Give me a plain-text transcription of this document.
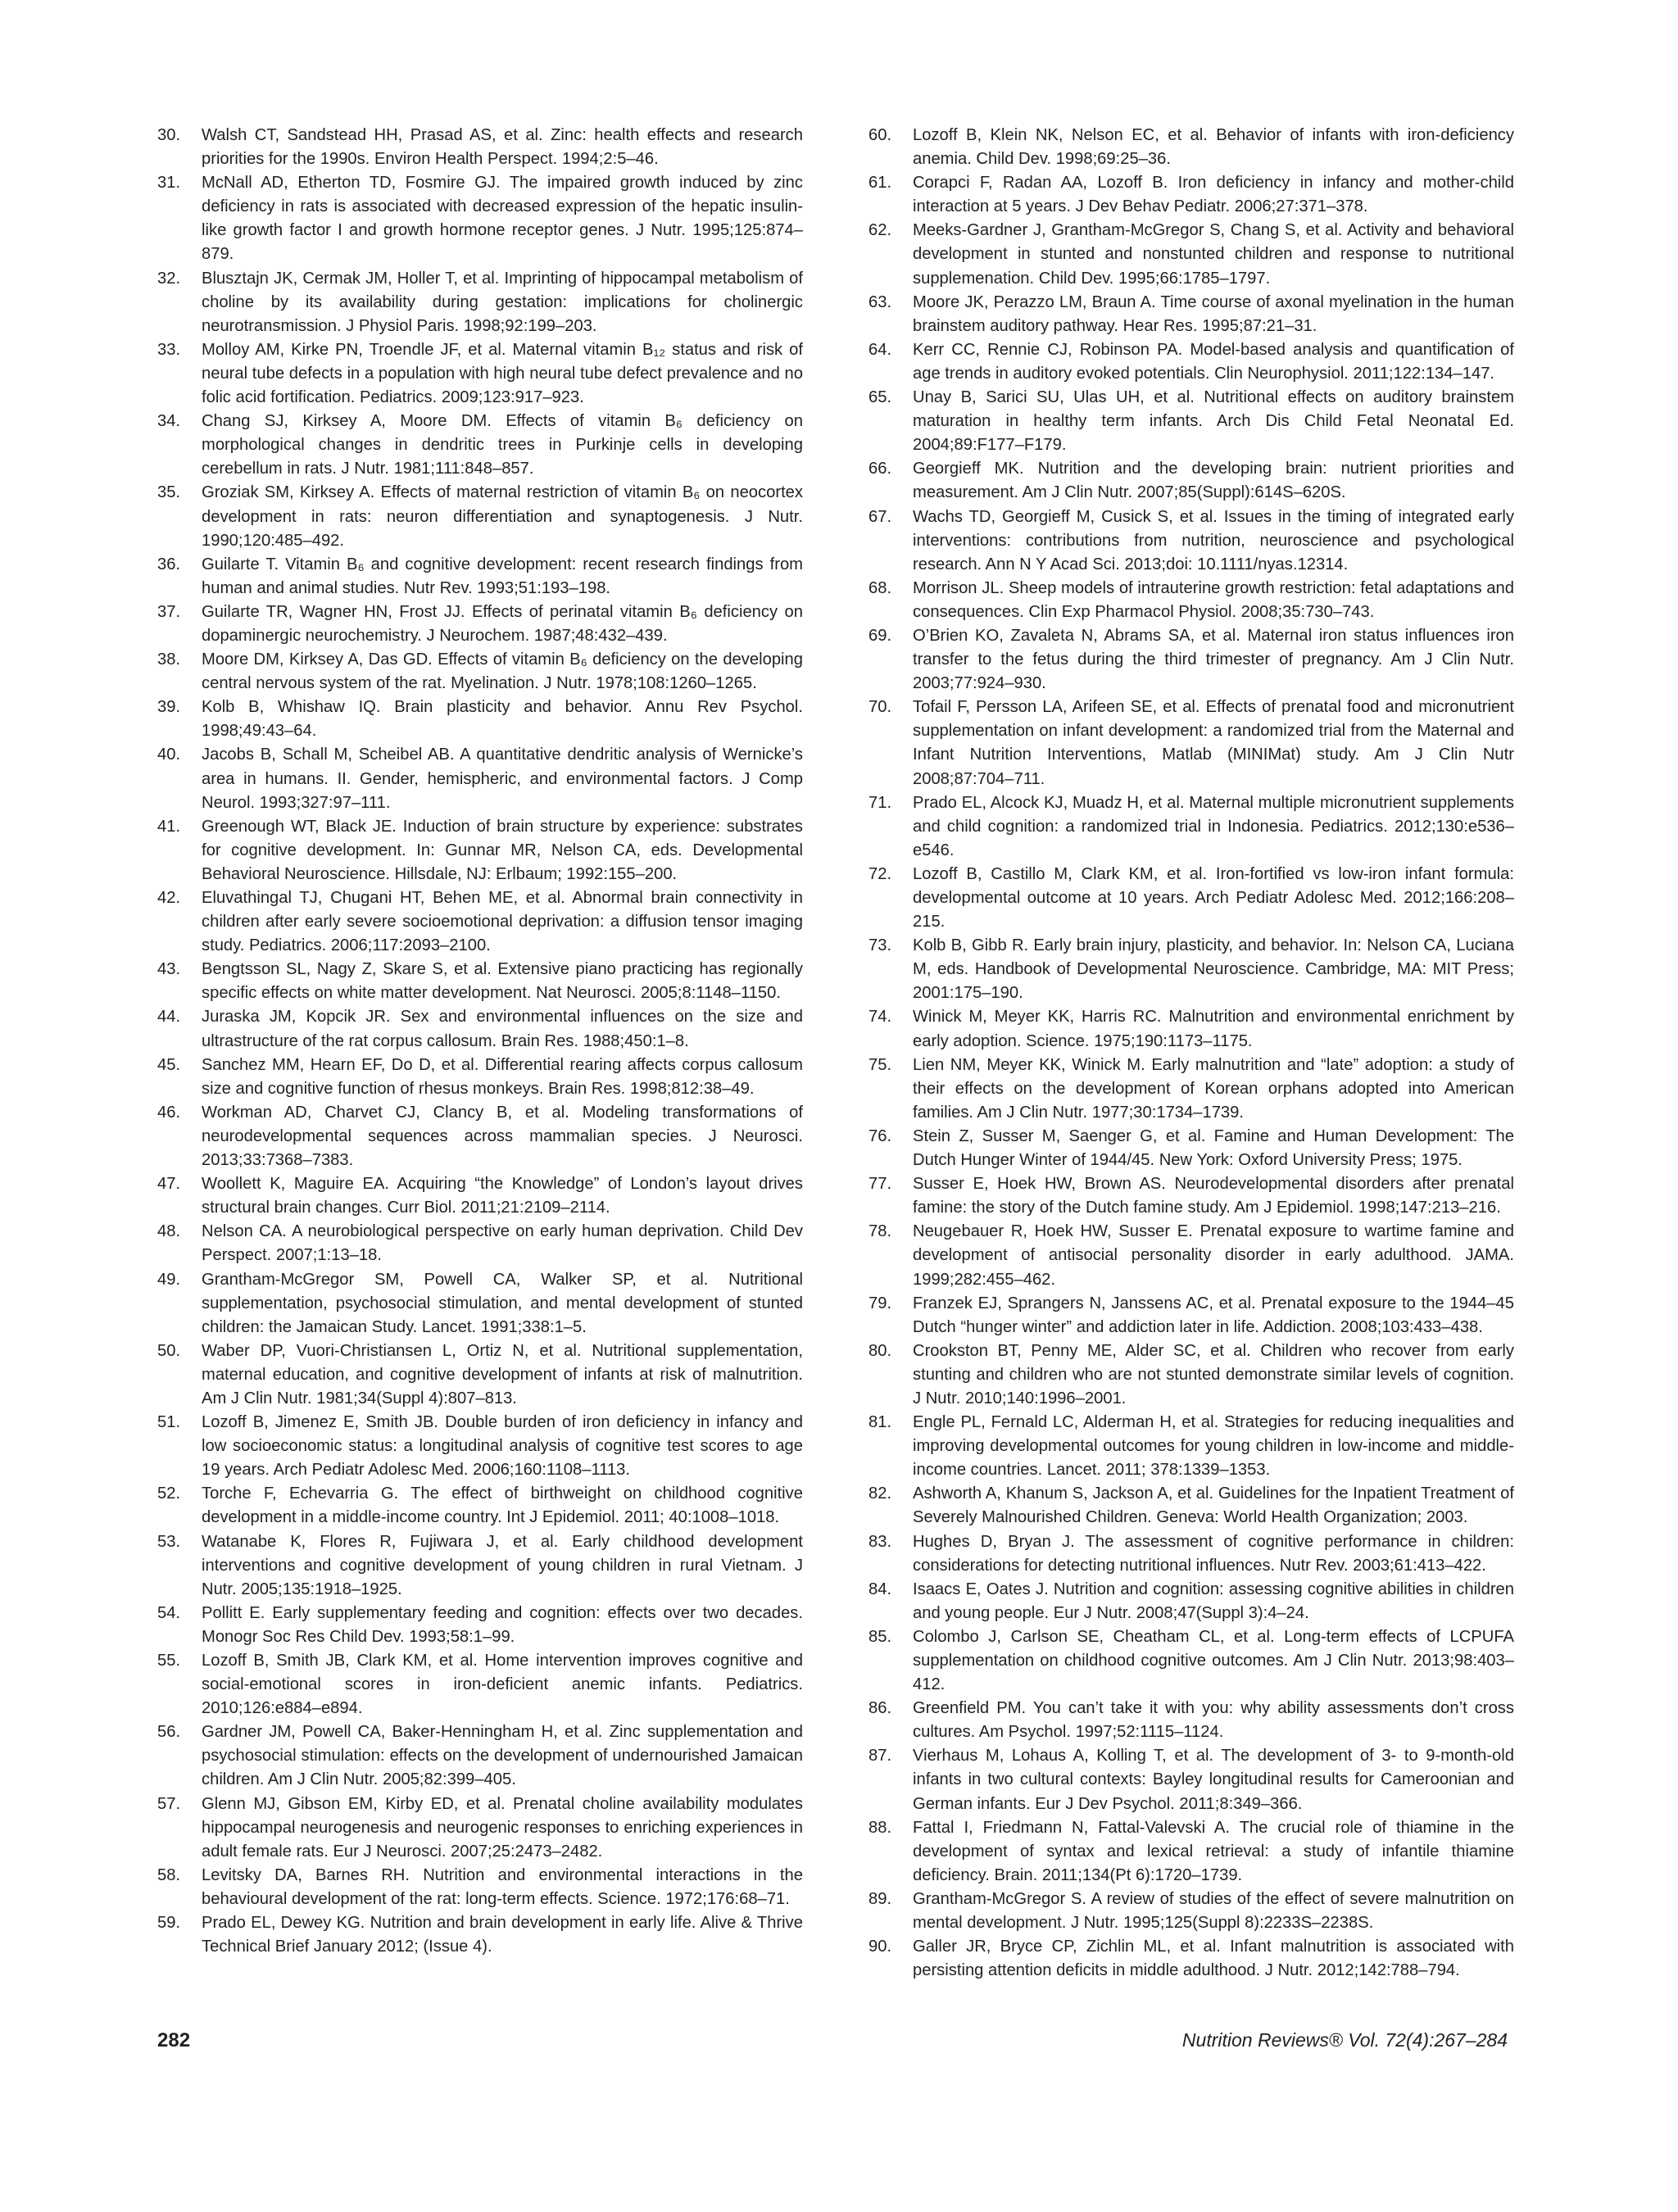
30.	Walsh CT, Sandstead HH, Prasad AS, et al. Zinc: health effects and research priorities for the 1990s. Environ Health Perspect. 1994;2:5–46.
31.	McNall AD, Etherton TD, Fosmire GJ. The impaired growth induced by zinc deficiency in rats is associated with decreased expression of the hepatic insulin-like growth factor I and growth hormone receptor genes. J Nutr. 1995;125:874–879.
32.	Blusztajn JK, Cermak JM, Holler T, et al. Imprinting of hippocampal metabolism of choline by its availability during gestation: implications for cholinergic neurotransmission. J Physiol Paris. 1998;92:199–203.
33.	Molloy AM, Kirke PN, Troendle JF, et al. Maternal vitamin B₁₂ status and risk of neural tube defects in a population with high neural tube defect prevalence and no folic acid fortification. Pediatrics. 2009;123:917–923.
34.	Chang SJ, Kirksey A, Moore DM. Effects of vitamin B₆ deficiency on morphological changes in dendritic trees in Purkinje cells in developing cerebellum in rats. J Nutr. 1981;111:848–857.
35.	Groziak SM, Kirksey A. Effects of maternal restriction of vitamin B₆ on neocortex development in rats: neuron differentiation and synaptogenesis. J Nutr. 1990;120:485–492.
36.	Guilarte T. Vitamin B₆ and cognitive development: recent research findings from human and animal studies. Nutr Rev. 1993;51:193–198.
37.	Guilarte TR, Wagner HN, Frost JJ. Effects of perinatal vitamin B₆ deficiency on dopaminergic neurochemistry. J Neurochem. 1987;48:432–439.
38.	Moore DM, Kirksey A, Das GD. Effects of vitamin B₆ deficiency on the developing central nervous system of the rat. Myelination. J Nutr. 1978;108:1260–1265.
39.	Kolb B, Whishaw IQ. Brain plasticity and behavior. Annu Rev Psychol. 1998;49:43–64.
40.	Jacobs B, Schall M, Scheibel AB. A quantitative dendritic analysis of Wernicke’s area in humans. II. Gender, hemispheric, and environmental factors. J Comp Neurol. 1993;327:97–111.
41.	Greenough WT, Black JE. Induction of brain structure by experience: substrates for cognitive development. In: Gunnar MR, Nelson CA, eds. Developmental Behavioral Neuroscience. Hillsdale, NJ: Erlbaum; 1992:155–200.
42.	Eluvathingal TJ, Chugani HT, Behen ME, et al. Abnormal brain connectivity in children after early severe socioemotional deprivation: a diffusion tensor imaging study. Pediatrics. 2006;117:2093–2100.
43.	Bengtsson SL, Nagy Z, Skare S, et al. Extensive piano practicing has regionally specific effects on white matter development. Nat Neurosci. 2005;8:1148–1150.
44.	Juraska JM, Kopcik JR. Sex and environmental influences on the size and ultrastructure of the rat corpus callosum. Brain Res. 1988;450:1–8.
45.	Sanchez MM, Hearn EF, Do D, et al. Differential rearing affects corpus callosum size and cognitive function of rhesus monkeys. Brain Res. 1998;812:38–49.
46.	Workman AD, Charvet CJ, Clancy B, et al. Modeling transformations of neurodevelopmental sequences across mammalian species. J Neurosci. 2013;33:7368–7383.
47.	Woollett K, Maguire EA. Acquiring “the Knowledge” of London’s layout drives structural brain changes. Curr Biol. 2011;21:2109–2114.
48.	Nelson CA. A neurobiological perspective on early human deprivation. Child Dev Perspect. 2007;1:13–18.
49.	Grantham-McGregor SM, Powell CA, Walker SP, et al. Nutritional supplementation, psychosocial stimulation, and mental development of stunted children: the Jamaican Study. Lancet. 1991;338:1–5.
50.	Waber DP, Vuori-Christiansen L, Ortiz N, et al. Nutritional supplementation, maternal education, and cognitive development of infants at risk of malnutrition. Am J Clin Nutr. 1981;34(Suppl 4):807–813.
51.	Lozoff B, Jimenez E, Smith JB. Double burden of iron deficiency in infancy and low socioeconomic status: a longitudinal analysis of cognitive test scores to age 19 years. Arch Pediatr Adolesc Med. 2006;160:1108–1113.
52.	Torche F, Echevarria G. The effect of birthweight on childhood cognitive development in a middle-income country. Int J Epidemiol. 2011; 40:1008–1018.
53.	Watanabe K, Flores R, Fujiwara J, et al. Early childhood development interventions and cognitive development of young children in rural Vietnam. J Nutr. 2005;135:1918–1925.
54.	Pollitt E. Early supplementary feeding and cognition: effects over two decades. Monogr Soc Res Child Dev. 1993;58:1–99.
55.	Lozoff B, Smith JB, Clark KM, et al. Home intervention improves cognitive and social-emotional scores in iron-deficient anemic infants. Pediatrics. 2010;126:e884–e894.
56.	Gardner JM, Powell CA, Baker-Henningham H, et al. Zinc supplementation and psychosocial stimulation: effects on the development of undernourished Jamaican children. Am J Clin Nutr. 2005;82:399–405.
57.	Glenn MJ, Gibson EM, Kirby ED, et al. Prenatal choline availability modulates hippocampal neurogenesis and neurogenic responses to enriching experiences in adult female rats. Eur J Neurosci. 2007;25:2473–2482.
58.	Levitsky DA, Barnes RH. Nutrition and environmental interactions in the behavioural development of the rat: long-term effects. Science. 1972;176:68–71.
59.	Prado EL, Dewey KG. Nutrition and brain development in early life. Alive & Thrive Technical Brief January 2012; (Issue 4).
60.	Lozoff B, Klein NK, Nelson EC, et al. Behavior of infants with iron-deficiency anemia. Child Dev. 1998;69:25–36.
61.	Corapci F, Radan AA, Lozoff B. Iron deficiency in infancy and mother-child interaction at 5 years. J Dev Behav Pediatr. 2006;27:371–378.
62.	Meeks-Gardner J, Grantham-McGregor S, Chang S, et al. Activity and behavioral development in stunted and nonstunted children and response to nutritional supplemenation. Child Dev. 1995;66:1785–1797.
63.	Moore JK, Perazzo LM, Braun A. Time course of axonal myelination in the human brainstem auditory pathway. Hear Res. 1995;87:21–31.
64.	Kerr CC, Rennie CJ, Robinson PA. Model-based analysis and quantification of age trends in auditory evoked potentials. Clin Neurophysiol. 2011;122:134–147.
65.	Unay B, Sarici SU, Ulas UH, et al. Nutritional effects on auditory brainstem maturation in healthy term infants. Arch Dis Child Fetal Neonatal Ed. 2004;89:F177–F179.
66.	Georgieff MK. Nutrition and the developing brain: nutrient priorities and measurement. Am J Clin Nutr. 2007;85(Suppl):614S–620S.
67.	Wachs TD, Georgieff M, Cusick S, et al. Issues in the timing of integrated early interventions: contributions from nutrition, neuroscience and psychological research. Ann N Y Acad Sci. 2013;doi: 10.1111/nyas.12314.
68.	Morrison JL. Sheep models of intrauterine growth restriction: fetal adaptations and consequences. Clin Exp Pharmacol Physiol. 2008;35:730–743.
69.	O’Brien KO, Zavaleta N, Abrams SA, et al. Maternal iron status influences iron transfer to the fetus during the third trimester of pregnancy. Am J Clin Nutr. 2003;77:924–930.
70.	Tofail F, Persson LA, Arifeen SE, et al. Effects of prenatal food and micronutrient supplementation on infant development: a randomized trial from the Maternal and Infant Nutrition Interventions, Matlab (MINIMat) study. Am J Clin Nutr 2008;87:704–711.
71.	Prado EL, Alcock KJ, Muadz H, et al. Maternal multiple micronutrient supplements and child cognition: a randomized trial in Indonesia. Pediatrics. 2012;130:e536–e546.
72.	Lozoff B, Castillo M, Clark KM, et al. Iron-fortified vs low-iron infant formula: developmental outcome at 10 years. Arch Pediatr Adolesc Med. 2012;166:208–215.
73.	Kolb B, Gibb R. Early brain injury, plasticity, and behavior. In: Nelson CA, Luciana M, eds. Handbook of Developmental Neuroscience. Cambridge, MA: MIT Press; 2001:175–190.
74.	Winick M, Meyer KK, Harris RC. Malnutrition and environmental enrichment by early adoption. Science. 1975;190:1173–1175.
75.	Lien NM, Meyer KK, Winick M. Early malnutrition and “late” adoption: a study of their effects on the development of Korean orphans adopted into American families. Am J Clin Nutr. 1977;30:1734–1739.
76.	Stein Z, Susser M, Saenger G, et al. Famine and Human Development: The Dutch Hunger Winter of 1944/45. New York: Oxford University Press; 1975.
77.	Susser E, Hoek HW, Brown AS. Neurodevelopmental disorders after prenatal famine: the story of the Dutch famine study. Am J Epidemiol. 1998;147:213–216.
78.	Neugebauer R, Hoek HW, Susser E. Prenatal exposure to wartime famine and development of antisocial personality disorder in early adulthood. JAMA. 1999;282:455–462.
79.	Franzek EJ, Sprangers N, Janssens AC, et al. Prenatal exposure to the 1944–45 Dutch “hunger winter” and addiction later in life. Addiction. 2008;103:433–438.
80.	Crookston BT, Penny ME, Alder SC, et al. Children who recover from early stunting and children who are not stunted demonstrate similar levels of cognition. J Nutr. 2010;140:1996–2001.
81.	Engle PL, Fernald LC, Alderman H, et al. Strategies for reducing inequalities and improving developmental outcomes for young children in low-income and middle-income countries. Lancet. 2011; 378:1339–1353.
82.	Ashworth A, Khanum S, Jackson A, et al. Guidelines for the Inpatient Treatment of Severely Malnourished Children. Geneva: World Health Organization; 2003.
83.	Hughes D, Bryan J. The assessment of cognitive performance in children: considerations for detecting nutritional influences. Nutr Rev. 2003;61:413–422.
84.	Isaacs E, Oates J. Nutrition and cognition: assessing cognitive abilities in children and young people. Eur J Nutr. 2008;47(Suppl 3):4–24.
85.	Colombo J, Carlson SE, Cheatham CL, et al. Long-term effects of LCPUFA supplementation on childhood cognitive outcomes. Am J Clin Nutr. 2013;98:403–412.
86.	Greenfield PM. You can’t take it with you: why ability assessments don’t cross cultures. Am Psychol. 1997;52:1115–1124.
87.	Vierhaus M, Lohaus A, Kolling T, et al. The development of 3- to 9-month-old infants in two cultural contexts: Bayley longitudinal results for Cameroonian and German infants. Eur J Dev Psychol. 2011;8:349–366.
88.	Fattal I, Friedmann N, Fattal-Valevski A. The crucial role of thiamine in the development of syntax and lexical retrieval: a study of infantile thiamine deficiency. Brain. 2011;134(Pt 6):1720–1739.
89.	Grantham-McGregor S. A review of studies of the effect of severe malnutrition on mental development. J Nutr. 1995;125(Suppl 8):2233S–2238S.
90.	Galler JR, Bryce CP, Zichlin ML, et al. Infant malnutrition is associated with persisting attention deficits in middle adulthood. J Nutr. 2012;142:788–794.
282	Nutrition Reviews® Vol. 72(4):267–284
